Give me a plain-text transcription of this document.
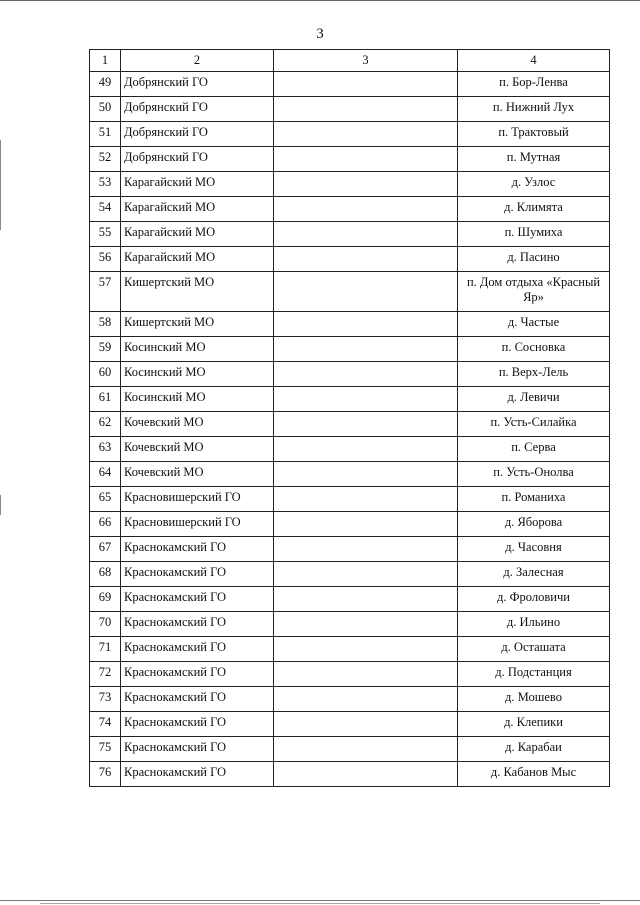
3
1	2	3	4
49	Добрянский ГО		п. Бор-Ленва
50	Добрянский ГО		п. Нижний Лух
51	Добрянский ГО		п. Трактовый
52	Добрянский ГО		п. Мутная
53	Карагайский МО		д. Узлос
54	Карагайский МО		д. Климята
55	Карагайский МО		п. Шумиха
56	Карагайский МО		д. Пасино
57	Кишертский МО		п. Дом отдыха «Красный Яр»
58	Кишертский МО		д. Частые
59	Косинский МО		п. Сосновка
60	Косинский МО		п. Верх-Лель
61	Косинский МО		д. Левичи
62	Кочевский МО		п. Усть-Силайка
63	Кочевский МО		п. Серва
64	Кочевский МО		п. Усть-Онолва
65	Красновишерский ГО		п. Романиха
66	Красновишерский ГО		д. Яборова
67	Краснокамский ГО		д. Часовня
68	Краснокамский ГО		д. Залесная
69	Краснокамский ГО		д. Фроловичи
70	Краснокамский ГО		д. Ильино
71	Краснокамский ГО		д. Осташата
72	Краснокамский ГО		д. Подстанция
73	Краснокамский ГО		д. Мошево
74	Краснокамский ГО		д. Клепики
75	Краснокамский ГО		д. Карабаи
76	Краснокамский ГО		д. Кабанов Мыс
